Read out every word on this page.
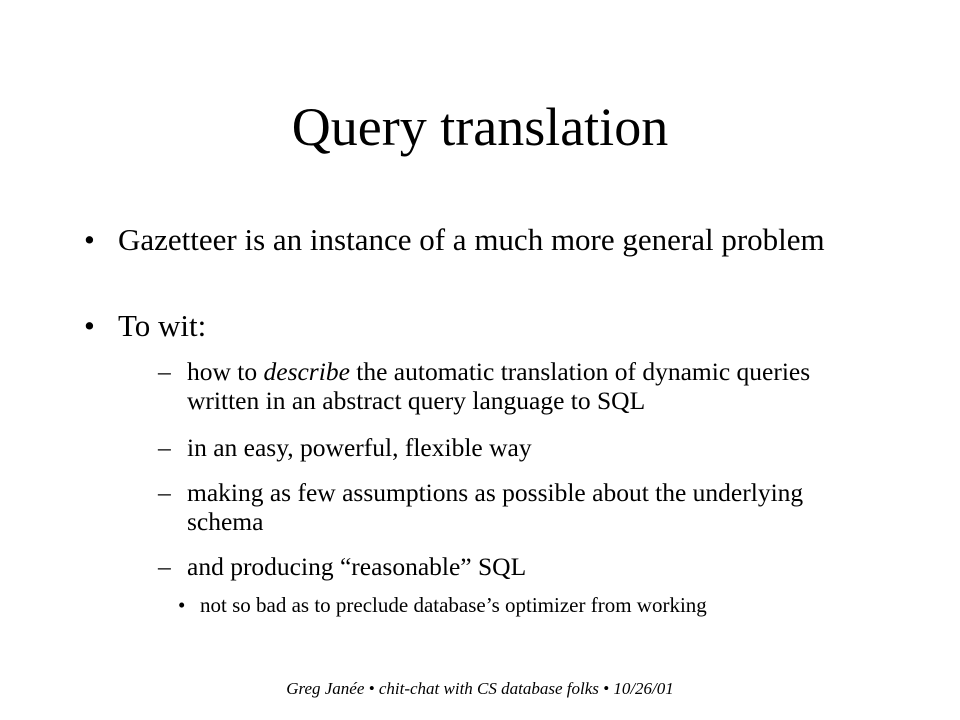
Query translation
• Gazetteer is an instance of a much more general problem
• To wit:
– how to describe the automatic translation of dynamic queries written in an abstract query language to SQL
– in an easy, powerful, flexible way
– making as few assumptions as possible about the underlying schema
– and producing “reasonable” SQL
• not so bad as to preclude database’s optimizer from working
Greg Janée • chit-chat with CS database folks • 10/26/01
